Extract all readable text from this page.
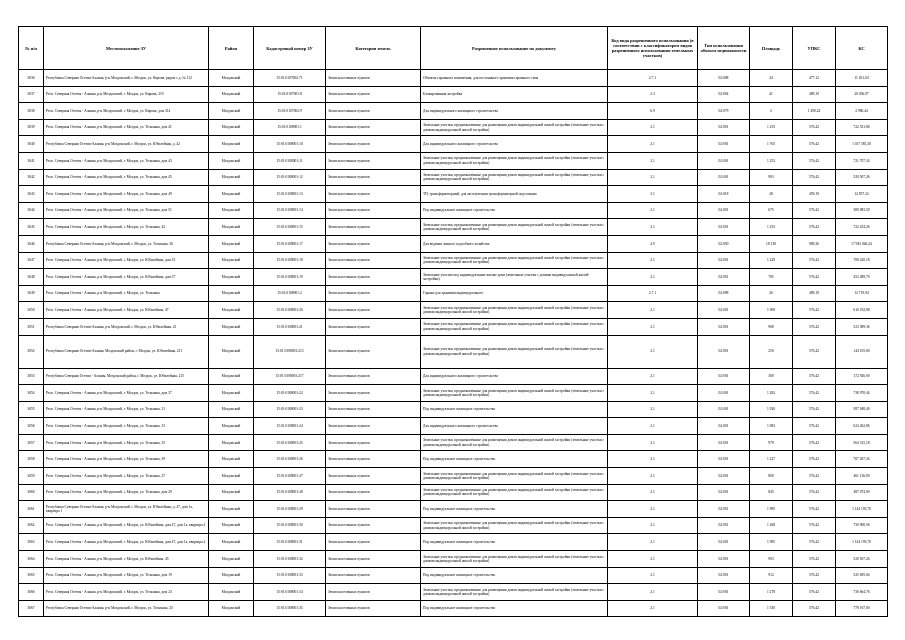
№ п/п	Местоположение ЗУ	Район	Кадастровый номер ЗУ	Категория земель	Разрешенное использование по документу	Код вида разрешенного использования (в соответствии с классификатором видов разрешенного использования земельных участков)	Тип использования объекта недвижимости	Площадь	УПКС	КС
3036	Республика Северная Осетия-Алания, р-н Моздокский, г. Моздок, ул. Кирова, рядом с д. № 112	Моздокский	15:01:0107002:71	Земли населенных пунктов	Объекты гаражного назначения, для постоянного хранения гаражного типа	2.7.1	02:008	24	477,12	11 451,04
3037	Респ. Северная Осетия - Алания, р-н Моздокский, г. Моздок, ул. Кирова, 219	Моздокский	15:01:0107001:8	Земли населенных пунктов	Блокированная застройка	2.3	02:004	41	489,19	20 056,97
3038	Респ. Северная Осетия - Алания, р-н Моздокский, г. Моздок, ул. Кирова, дом 314	Моздокский	15:01:0107002:9	Земли населенных пунктов	Для индивидуального жилищного строительства	6.9	02:079	2	1 490,22	2 980,44
3039	Респ. Северная Осетия - Алания, р-н Моздокский, г. Моздок, ул. Тельмана, дом 41	Моздокский	15:01:0108001:1	Земли населенных пунктов	Земельные участки, предназначенные для размещения домов индивидуальной жилой застройки (земельные участки с домами индивидуальной жилой застройки)	2.1	02:001	1 253	576,42	722 331,86
3040	Республика Северная Осетия-Алания, р-н Моздокский, г. Моздок, ул. Юбилейная, д. 42	Моздокский	15:01:0108001:10	Земли населенных пунктов	Для индивидуального жилищного строительства	2.1	02:001	1 765	576,42	1 017 381,30
3041	Респ. Северная Осетия - Алания, р-н Моздокский, г. Моздок, ул. Тельмана, дом 43	Моздокский	15:01:0108001:11	Земли населенных пунктов	Земельные участки, предназначенные для размещения домов индивидуальной жилой застройки (земельные участки с домами индивидуальной жилой застройки)	2.1	02:001	1 252	576,42	721 707,34
3042	Респ. Северная Осетия - Алания, р-н Моздокский, г. Моздок, ул. Тельмана, дом 45	Моздокский	15:01:0108001:12	Земли населенных пунктов	Земельные участки, предназначенные для размещения домов индивидуальной жилой застройки (земельные участки с домами индивидуальной жилой застройки)	2.1	02:001	903	576,42	520 507,26
3043	Респ. Северная Осетия - Алания, р-н Моздокский, г. Моздок, ул. Тельмана, дом 49	Моздокский	15:01:0108001:13	Земли населенных пунктов	ТП, трансформаторный, для эксплуатации трансформаторной подстанции	3.1	02:018	28	459,19	12 857,32
3044	Респ. Северная Осетия - Алания, р-н Моздокский, г. Моздок, ул. Тельмана, дом 51	Моздокский	15:01:0108001:14	Земли населенных пунктов	Под индивидуальное жилищное строительство	2.1	02:001	675	576,42	389 083,50
3045	Респ. Северная Осетия - Алания, р-н Моздокский, г. Моздок, ул. Тельмана, 42	Моздокский	15:01:0108001:15	Земли населенных пунктов	Земельные участки, предназначенные для размещения домов индивидуальной жилой застройки (земельные участки с домами индивидуальной жилой застройки)	2.1	02:001	1 253	576,42	722 254,26
3046	Республика Северная Осетия-Алания, р-н Моздокский, г. Моздок, ул. Тельмана, 36	Моздокский	15:01:0108001:17	Земли населенных пунктов	Для ведения личного подсобного хозяйства	4.9	02:050	18 138	989,36	17 945 046,24
3047	Респ. Северная Осетия - Алания, р-н Моздокский, г. Моздок, ул. Юбилейная, дом 33	Моздокский	15:01:0108001:18	Земли населенных пунктов	Земельные участки, предназначенные для размещения домов индивидуальной жилой застройки (земельные участки с домами индивидуальной жилой застройки)	2.1	02:001	1 229	576,42	708 420,18
3048	Респ. Северная Осетия - Алания, р-н Моздокский, г. Моздок, ул. Юбилейная, дом 37	Моздокский	15:01:0108001:19	Земли населенных пунктов	Земельные участки под индивидуальные жилые дома (земельные участки с домами индивидуальной жилой застройки)	2.1	02:001	785	576,42	452 489,70
3049	Респ. Северная Осетия - Алания, р-н Моздокский, г. Моздок, ул. Тельмана	Моздокский	15:01:0108001:2	Земли населенных пунктов	Гаражи для хранения индивидуального	2.7.1	02:008	26	489,19	12 719,94
3050	Респ. Северная Осетия - Алания, р-н Моздокский, г. Моздок, ул. Юбилейная, 47	Моздокский	15:01:0108001:20	Земли населенных пунктов	Земельные участки, предназначенные для размещения домов индивидуальной жилой застройки (земельные участки с домами индивидуальной жилой застройки)	2.1	02:001	1 069	576,42	616 192,98
3051	Республика Северная Осетия-Алания, р-н Моздокский, г. Моздок, ул. Юбилейная, 41	Моздокский	15:01:0108001:21	Земли населенных пунктов	Земельные участки, предназначенные для размещения домов индивидуальной жилой застройки (земельные участки с домами индивидуальной жилой застройки)	2.1	02:001	908	576,42	523 389,36
3052	Республика Северная Осетия-Алания, Моздокский район, г. Моздок, ул. Юбилейная, 211	Моздокский	15:01:0108001:213	Земли населенных пунктов	Земельные участки, предназначенные для размещения домов индивидуальной жилой застройки (земельные участки с домами индивидуальной жилой застройки)	2.1	02:001	250	576,42	144 105,00
3053	Республика Северная Осетия - Алания, Моздокский район, г. Моздок, ул. Юбилейная, 215	Моздокский	15:01:0108001:217	Земли населенных пунктов	Для индивидуального жилищного строительства	2.1	02:001	300	576,42	172 926,00
3054	Респ. Северная Осетия - Алания, р-н Моздокский, г. Моздок, ул. Тельмана, дом 37	Моздокский	15:01:0108001:22	Земли населенных пунктов	Земельные участки, предназначенные для размещения домов индивидуальной жилой застройки (земельные участки с домами индивидуальной жилой застройки)	2.1	02:001	1 282	576,42	738 970,44
3055	Респ. Северная Осетия - Алания, р-н Моздокский, г. Моздок, ул. Тельмана, 31	Моздокский	15:01:0108001:23	Земли населенных пунктов	Под индивидуальное жилищное строительство	2.1	02:001	1 020	576,42	587 948,40
3056	Респ. Северная Осетия - Алания, р-н Моздокский, г. Моздок, ул. Тельмана, 33	Моздокский	15:01:0108001:24	Земли населенных пунктов	Для индивидуального жилищного строительства	2.1	02:001	1 083	576,42	624 262,86
3057	Респ. Северная Осетия - Алания, р-н Моздокский, г. Моздок, ул. Тельмана, 35	Моздокский	15:01:0108001:25	Земли населенных пунктов	Земельные участки, предназначенные для размещения домов индивидуальной жилой застройки (земельные участки с домами индивидуальной жилой застройки)	2.1	02:001	979	576,42	564 315,18
3058	Респ. Северная Осетия - Алания, р-н Моздокский, г. Моздок, ул. Тельмана, 39	Моздокский	15:01:0108001:26	Земли населенных пунктов	Под индивидуальное жилищное строительство	2.1	02:001	1 227	576,42	707 267,34
3059	Респ. Северная Осетия - Алания, р-н Моздокский, г. Моздок, ул. Тельмана, 27	Моздокский	15:01:0108001:27	Земли населенных пунктов	Земельные участки, предназначенные для размещения домов индивидуальной жилой застройки (земельные участки с домами индивидуальной жилой застройки)	2.1	02:001	800	576,42	461 136,00
3060	Респ. Северная Осетия - Алания, р-н Моздокский, г. Моздок, ул. Тельмана, дом 29	Моздокский	15:01:0108001:28	Земли населенных пунктов	Земельные участки, предназначенные для размещения домов индивидуальной жилой застройки (земельные участки с домами индивидуальной жилой застройки)	2.1	02:001	845	576,42	487 074,90
3061	Республика Северная Осетия-Алания, р-н Моздокский, г. Моздок, ул. Юбилейная, д. 47, дом 1а, квартира 1	Моздокский	15:01:0108001:29	Земли населенных пунктов	Под индивидуальное жилищное строительство	2.1	02:001	1 985	576,42	1 144 193,70
3062	Респ. Северная Осетия - Алания, р-н Моздокский, г. Моздок, ул. Юбилейная, дом 47, дом 1а, квартира 2	Моздокский	15:01:0108001:30	Земли населенных пунктов	Земельные участки, предназначенные для размещения домов индивидуальной жилой застройки (земельные участки с домами индивидуальной жилой застройки)	2.1	02:001	1 268	576,42	730 900,56
3063	Респ. Северная Осетия - Алания, р-н Моздокский, г. Моздок, ул. Юбилейная, дом 47, дом 1а, квартира 2	Моздокский	15:01:0108001:31	Земли населенных пунктов	Под индивидуальное жилищное строительство	2.1	02:001	1 985	576,42	1 144 193,70
3064	Респ. Северная Осетия - Алания, р-н Моздокский, г. Моздок, ул. Юбилейная, 45	Моздокский	15:01:0108001:32	Земли населенных пунктов	Земельные участки, предназначенные для размещения домов индивидуальной жилой застройки (земельные участки с домами индивидуальной жилой застройки)	2.1	02:001	903	576,42	520 507,26
3065	Респ. Северная Осетия - Алания, р-н Моздокский, г. Моздок, ул. Тельмана, дом 19	Моздокский	15:01:0108001:33	Земли населенных пунктов	Под индивидуальное жилищное строительство	2.1	02:001	912	576,42	525 695,04
3066	Респ. Северная Осетия - Алания, р-н Моздокский, г. Моздок, ул. Тельмана, дом 23	Моздокский	15:01:0108001:34	Земли населенных пунктов	Земельные участки, предназначенные для размещения домов индивидуальной жилой застройки (земельные участки с домами индивидуальной жилой застройки)	2.1	02:001	1 278	576,42	736 664,76
3067	Республика Северная Осетия-Алания, р-н Моздокский, г. Моздок, ул. Тельмана, 25	Моздокский	15:01:0108001:35	Земли населенных пунктов	Под индивидуальное жилищное строительство	2.1	02:001	1 350	576,42	778 167,00
